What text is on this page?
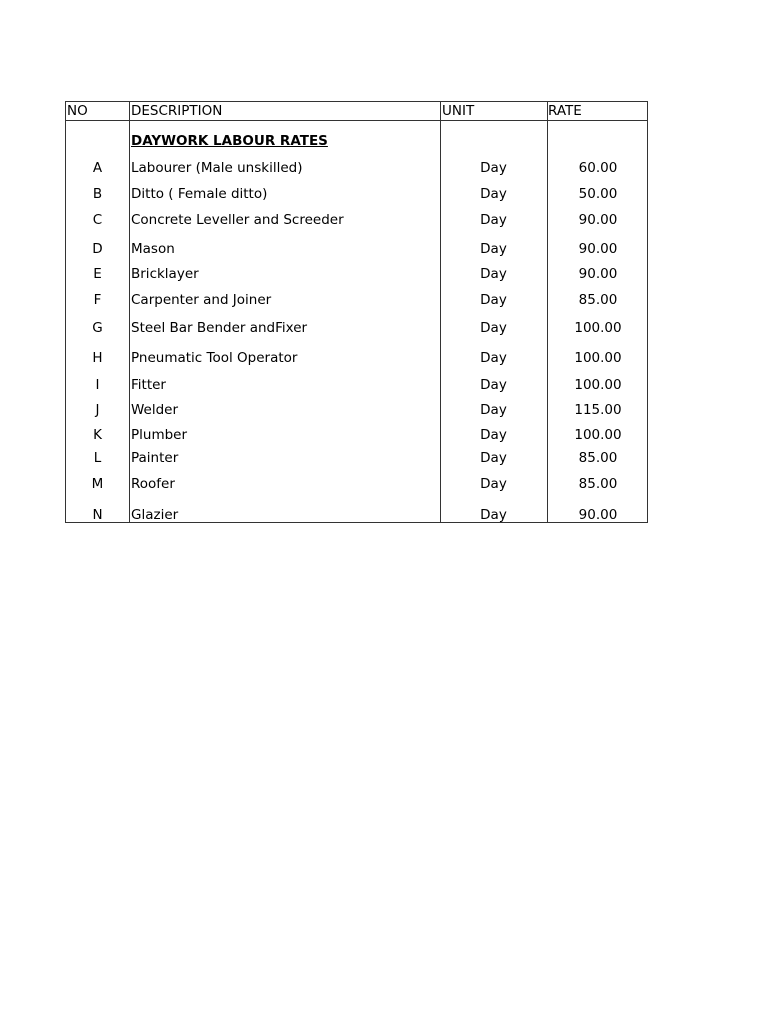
NO	DESCRIPTION	UNIT	RATE
DAYWORK LABOUR RATES
A	Labourer (Male unskilled)	Day	60.00
B	Ditto ( Female ditto)	Day	50.00
C	Concrete Leveller and Screeder	Day	90.00
D	Mason	Day	90.00
E	Bricklayer	Day	90.00
F	Carpenter and Joiner	Day	85.00
G	Steel Bar Bender andFixer	Day	100.00
H	Pneumatic Tool Operator	Day	100.00
I	Fitter	Day	100.00
J	Welder	Day	115.00
K	Plumber	Day	100.00
L	Painter	Day	85.00
M	Roofer	Day	85.00
N	Glazier	Day	90.00
